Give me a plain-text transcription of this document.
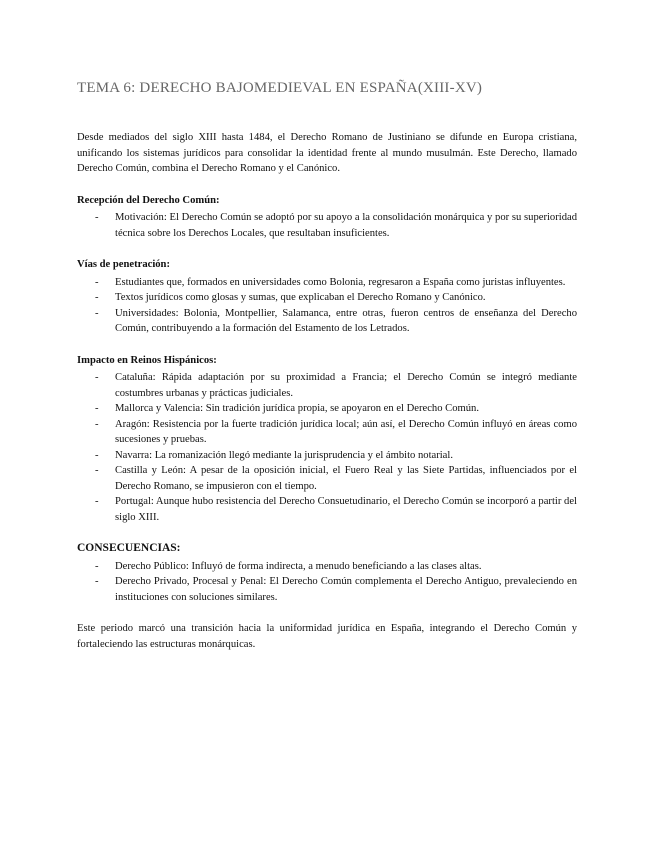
TEMA 6: DERECHO BAJOMEDIEVAL EN ESPAÑA(XIII-XV)

Desde mediados del siglo XIII hasta 1484, el Derecho Romano de Justiniano se difunde en Europa cristiana, unificando los sistemas jurídicos para consolidar la identidad frente al mundo musulmán. Este Derecho, llamado Derecho Común, combina el Derecho Romano y el Canónico.

Recepción del Derecho Común:

- Motivación: El Derecho Común se adoptó por su apoyo a la consolidación monárquica y por su superioridad técnica sobre los Derechos Locales, que resultaban insuficientes.

Vías de penetración:

- Estudiantes que, formados en universidades como Bolonia, regresaron a España como juristas influyentes.
- Textos jurídicos como glosas y sumas, que explicaban el Derecho Romano y Canónico.
- Universidades: Bolonia, Montpellier, Salamanca, entre otras, fueron centros de enseñanza del Derecho Común, contribuyendo a la formación del Estamento de los Letrados.

Impacto en Reinos Hispánicos:

- Cataluña: Rápida adaptación por su proximidad a Francia; el Derecho Común se integró mediante costumbres urbanas y prácticas judiciales.
- Mallorca y Valencia: Sin tradición jurídica propia, se apoyaron en el Derecho Común.
- Aragón: Resistencia por la fuerte tradición jurídica local; aún así, el Derecho Común influyó en áreas como sucesiones y pruebas.
- Navarra: La romanización llegó mediante la jurisprudencia y el ámbito notarial.
- Castilla y León: A pesar de la oposición inicial, el Fuero Real y las Siete Partidas, influenciados por el Derecho Romano, se impusieron con el tiempo.
- Portugal: Aunque hubo resistencia del Derecho Consuetudinario, el Derecho Común se incorporó a partir del siglo XIII.

CONSECUENCIAS:

- Derecho Público: Influyó de forma indirecta, a menudo beneficiando a las clases altas.
- Derecho Privado, Procesal y Penal: El Derecho Común complementa el Derecho Antiguo, prevaleciendo en instituciones con soluciones similares.

Este periodo marcó una transición hacia la uniformidad jurídica en España, integrando el Derecho Común y fortaleciendo las estructuras monárquicas.
